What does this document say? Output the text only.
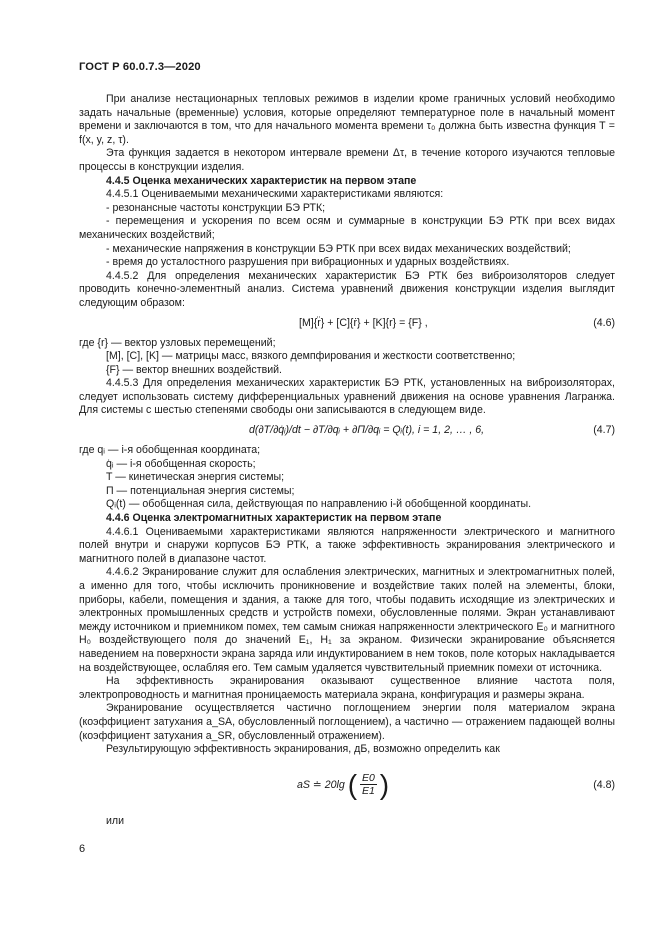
ГОСТ Р 60.0.7.3—2020

При анализе нестационарных тепловых режимов в изделии кроме граничных условий необходимо задать начальные (временные) условия, которые определяют температурное поле в начальный момент времени и заключаются в том, что для начального момента времени τ₀ должна быть известна функция T = f(x, y, z, τ).

Эта функция задается в некотором интервале времени Δτ, в течение которого изучаются тепловые процессы в конструкции изделия.

4.4.5 Оценка механических характеристик на первом этапе

4.4.5.1 Оцениваемыми механическими характеристиками являются:

- резонансные частоты конструкции БЭ РТК;

- перемещения и ускорения по всем осям и суммарные в конструкции БЭ РТК при всех видах механических воздействий;

- механические напряжения в конструкции БЭ РТК при всех видах механических воздействий;

- время до усталостного разрушения при вибрационных и ударных воздействиях.

4.4.5.2 Для определения механических характеристик БЭ РТК без виброизоляторов следует проводить конечно-элементный анализ. Система уравнений движения конструкции изделия выглядит следующим образом:

[M]{r̈} + [C]{ṙ} + [K]{r} = {F} ,	(4.6)

где {r} — вектор узловых перемещений;

[M], [C], [K] — матрицы масс, вязкого демпфирования и жесткости соответственно;

{F} — вектор внешних воздействий.

4.4.5.3 Для определения механических характеристик БЭ РТК, установленных на виброизоляторах, следует использовать систему дифференциальных уравнений движения на основе уравнения Лагранжа. Для системы с шестью степенями свободы они записываются в следующем виде.

d(∂T/∂q̇ᵢ)/dt − ∂T/∂qᵢ + ∂П/∂qᵢ = Qᵢ(t), i = 1, 2, … , 6,	(4.7)

где qᵢ — i-я обобщенная координата;

q̇ᵢ — i-я обобщенная скорость;

T — кинетическая энергия системы;

П — потенциальная энергия системы;

Qᵢ(t) — обобщенная сила, действующая по направлению i-й обобщенной координаты.

4.4.6 Оценка электромагнитных характеристик на первом этапе

4.4.6.1 Оцениваемыми характеристиками являются напряженности электрического и магнитного полей внутри и снаружи корпусов БЭ РТК, а также эффективность экранирования электрического и магнитного полей в диапазоне частот.

4.4.6.2 Экранирование служит для ослабления электрических, магнитных и электромагнитных полей, а именно для того, чтобы исключить проникновение и воздействие таких полей на элементы, блоки, приборы, кабели, помещения и здания, а также для того, чтобы подавить исходящие из электрических и электронных промышленных средств и устройств помехи, обусловленные полями. Экран устанавливают между источником и приемником помех, тем самым снижая напряженности электрического E₀ и магнитного H₀ воздействующего поля до значений E₁, H₁ за экраном. Физически экранирование объясняется наведением на поверхности экрана заряда или индуктированием в нем токов, поле которых накладывается на воздействующее, ослабляя его. Тем самым удаляется чувствительный приемник помехи от источника.

На эффективность экранирования оказывают существенное влияние частота поля, электропроводность и магнитная проницаемость материала экрана, конфигурация и размеры экрана.

Экранирование осуществляется частично поглощением энергии поля материалом экрана (коэффициент затухания a_SA, обусловленный поглощением), а частично — отражением падающей волны (коэффициент затухания a_SR, обусловленный отражением).

Результирующую эффективность экранирования, дБ, возможно определить как

aS ≐ 20lg ( $\frac{E0}{E1}$ )	(4.8)

или

6
